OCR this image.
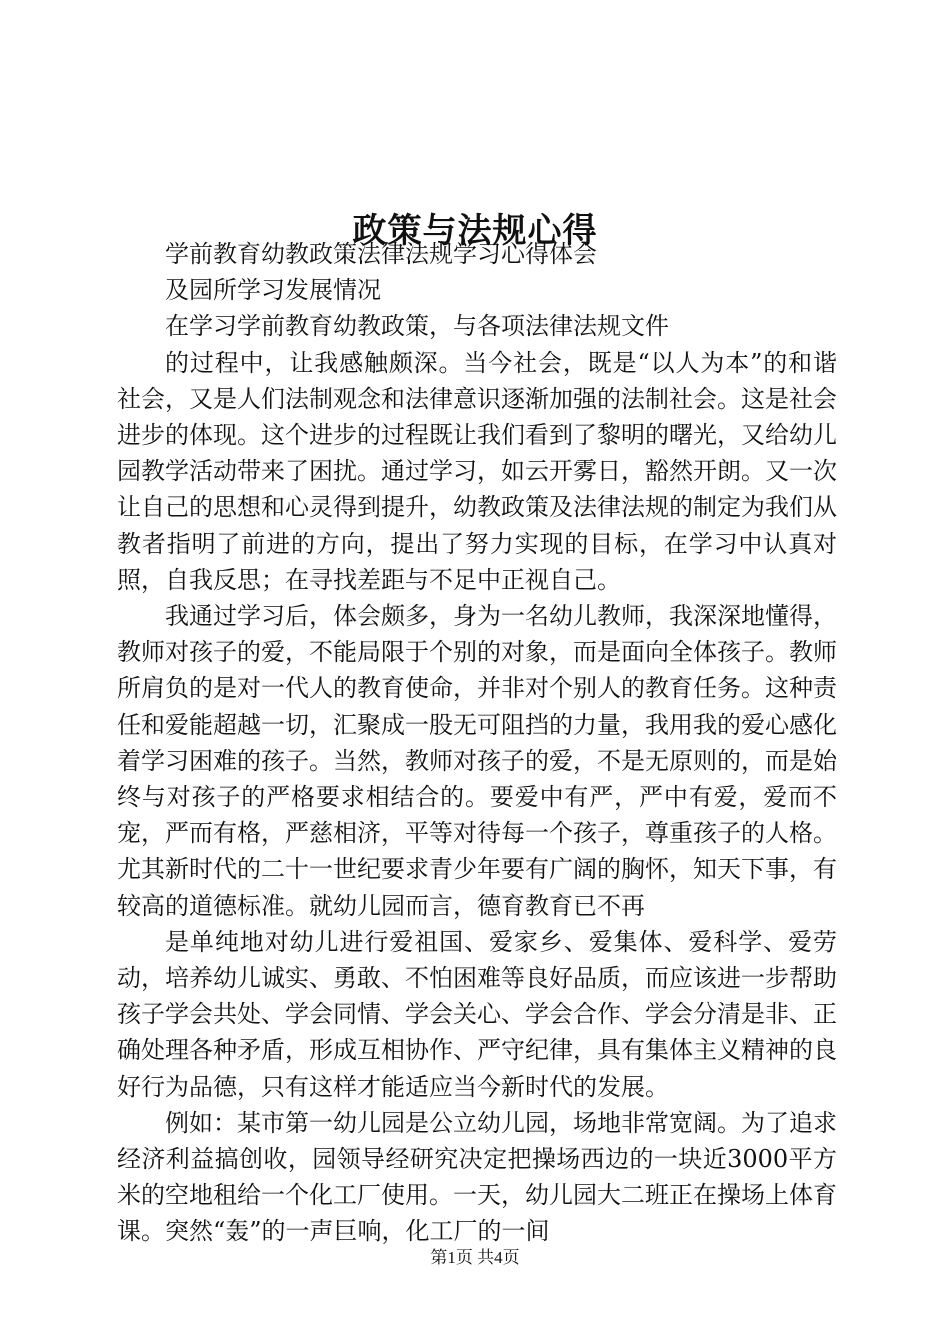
政策与法规心得

学前教育幼教政策法律法规学习心得体会

及园所学习发展情况

在学习学前教育幼教政策，与各项法律法规文件

的过程中，让我感触颇深。当今社会，既是“以人为本”的和谐社会，又是人们法制观念和法律意识逐渐加强的法制社会。这是社会进步的体现。这个进步的过程既让我们看到了黎明的曙光，又给幼儿园教学活动带来了困扰。通过学习，如云开雾日，豁然开朗。又一次让自己的思想和心灵得到提升，幼教政策及法律法规的制定为我们从教者指明了前进的方向，提出了努力实现的目标，在学习中认真对照，自我反思；在寻找差距与不足中正视自己。

我通过学习后，体会颇多，身为一名幼儿教师，我深深地懂得，教师对孩子的爱，不能局限于个别的对象，而是面向全体孩子。教师所肩负的是对一代人的教育使命，并非对个别人的教育任务。这种责任和爱能超越一切，汇聚成一股无可阻挡的力量，我用我的爱心感化着学习困难的孩子。当然，教师对孩子的爱，不是无原则的，而是始终与对孩子的严格要求相结合的。要爱中有严，严中有爱，爱而不宠，严而有格，严慈相济，平等对待每一个孩子，尊重孩子的人格。尤其新时代的二十一世纪要求青少年要有广阔的胸怀，知天下事，有较高的道德标准。就幼儿园而言，德育教育已不再

是单纯地对幼儿进行爱祖国、爱家乡、爱集体、爱科学、爱劳动，培养幼儿诚实、勇敢、不怕困难等良好品质，而应该进一步帮助孩子学会共处、学会同情、学会关心、学会合作、学会分清是非、正确处理各种矛盾，形成互相协作、严守纪律，具有集体主义精神的良好行为品德，只有这样才能适应当今新时代的发展。

例如：某市第一幼儿园是公立幼儿园，场地非常宽阔。为了追求经济利益搞创收，园领导经研究决定把操场西边的一块近3000平方米的空地租给一个化工厂使用。一天，幼儿园大二班正在操场上体育课。突然“轰”的一声巨响，化工厂的一间

第1页 共4页
